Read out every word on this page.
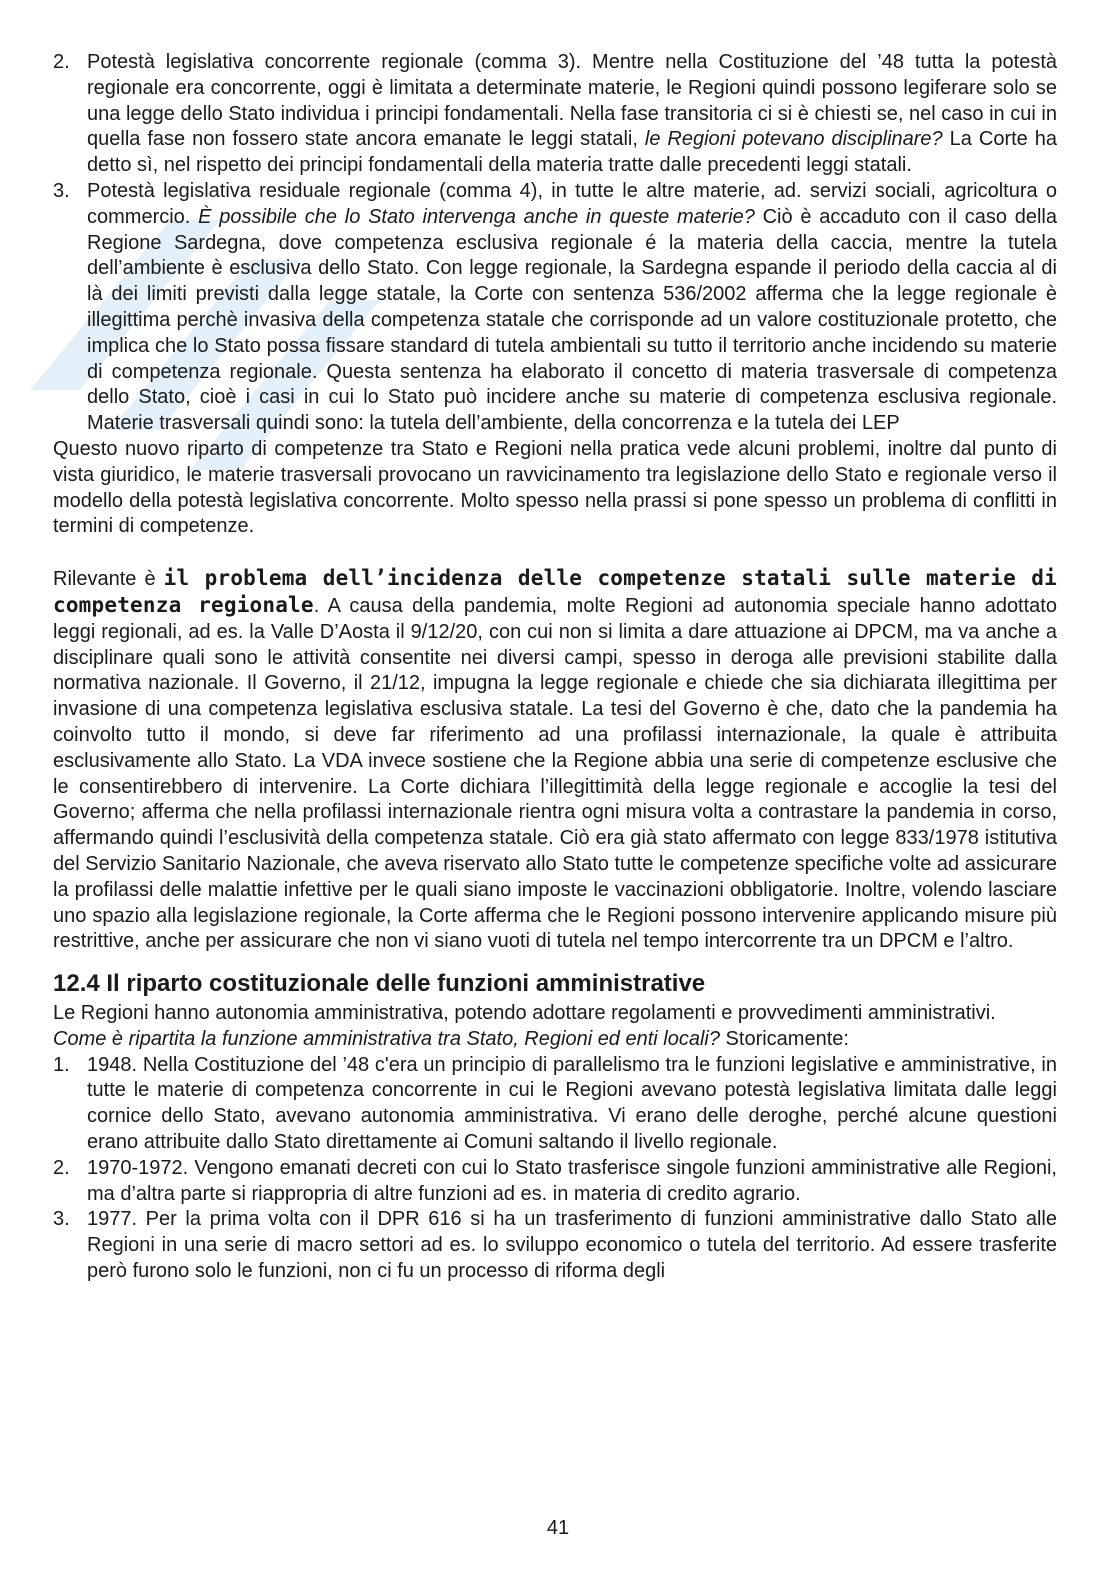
2. Potestà legislativa concorrente regionale (comma 3). Mentre nella Costituzione del ’48 tutta la potestà regionale era concorrente, oggi è limitata a determinate materie, le Regioni quindi possono legiferare solo se una legge dello Stato individua i principi fondamentali. Nella fase transitoria ci si è chiesti se, nel caso in cui in quella fase non fossero state ancora emanate le leggi statali, le Regioni potevano disciplinare? La Corte ha detto sì, nel rispetto dei principi fondamentali della materia tratte dalle precedenti leggi statali.
3. Potestà legislativa residuale regionale (comma 4), in tutte le altre materie, ad. servizi sociali, agricoltura o commercio. È possibile che lo Stato intervenga anche in queste materie? Ciò è accaduto con il caso della Regione Sardegna, dove competenza esclusiva regionale é la materia della caccia, mentre la tutela dell’ambiente è esclusiva dello Stato. Con legge regionale, la Sardegna espande il periodo della caccia al di là dei limiti previsti dalla legge statale, la Corte con sentenza 536/2002 afferma che la legge regionale è illegittima perchè invasiva della competenza statale che corrisponde ad un valore costituzionale protetto, che implica che lo Stato possa fissare standard di tutela ambientali su tutto il territorio anche incidendo su materie di competenza regionale. Questa sentenza ha elaborato il concetto di materia trasversale di competenza dello Stato, cioè i casi in cui lo Stato può incidere anche su materie di competenza esclusiva regionale. Materie trasversali quindi sono: la tutela dell’ambiente, della concorrenza e la tutela dei LEP

Questo nuovo riparto di competenze tra Stato e Regioni nella pratica vede alcuni problemi, inoltre dal punto di vista giuridico, le materie trasversali provocano un ravvicinamento tra legislazione dello Stato e regionale verso il modello della potestà legislativa concorrente. Molto spesso nella prassi si pone spesso un problema di conflitti in termini di competenze.

Rilevante è il problema dell’incidenza delle competenze statali sulle materie di competenza regionale. A causa della pandemia, molte Regioni ad autonomia speciale hanno adottato leggi regionali, ad es. la Valle D’Aosta il 9/12/20, con cui non si limita a dare attuazione ai DPCM, ma va anche a disciplinare quali sono le attività consentite nei diversi campi, spesso in deroga alle previsioni stabilite dalla normativa nazionale. Il Governo, il 21/12, impugna la legge regionale e chiede che sia dichiarata illegittima per invasione di una competenza legislativa esclusiva statale. La tesi del Governo è che, dato che la pandemia ha coinvolto tutto il mondo, si deve far riferimento ad una profilassi internazionale, la quale è attribuita esclusivamente allo Stato. La VDA invece sostiene che la Regione abbia una serie di competenze esclusive che le consentirebbero di intervenire. La Corte dichiara l’illegittimità della legge regionale e accoglie la tesi del Governo; afferma che nella profilassi internazionale rientra ogni misura volta a contrastare la pandemia in corso, affermando quindi l’esclusività della competenza statale. Ciò era già stato affermato con legge 833/1978 istitutiva del Servizio Sanitario Nazionale, che aveva riservato allo Stato tutte le competenze specifiche volte ad assicurare la profilassi delle malattie infettive per le quali siano imposte le vaccinazioni obbligatorie. Inoltre, volendo lasciare uno spazio alla legislazione regionale, la Corte afferma che le Regioni possono intervenire applicando misure più restrittive, anche per assicurare che non vi siano vuoti di tutela nel tempo intercorrente tra un DPCM e l’altro.

12.4 Il riparto costituzionale delle funzioni amministrative

Le Regioni hanno autonomia amministrativa, potendo adottare regolamenti e provvedimenti amministrativi.

Come è ripartita la funzione amministrativa tra Stato, Regioni ed enti locali? Storicamente:

1. 1948. Nella Costituzione del ’48 c'era un principio di parallelismo tra le funzioni legislative e amministrative, in tutte le materie di competenza concorrente in cui le Regioni avevano potestà legislativa limitata dalle leggi cornice dello Stato, avevano autonomia amministrativa. Vi erano delle deroghe, perché alcune questioni erano attribuite dallo Stato direttamente ai Comuni saltando il livello regionale.
2. 1970-1972. Vengono emanati decreti con cui lo Stato trasferisce singole funzioni amministrative alle Regioni, ma d’altra parte si riappropria di altre funzioni ad es. in materia di credito agrario.
3. 1977. Per la prima volta con il DPR 616 si ha un trasferimento di funzioni amministrative dallo Stato alle Regioni in una serie di macro settori ad es. lo sviluppo economico o tutela del territorio. Ad essere trasferite però furono solo le funzioni, non ci fu un processo di riforma degli
41
